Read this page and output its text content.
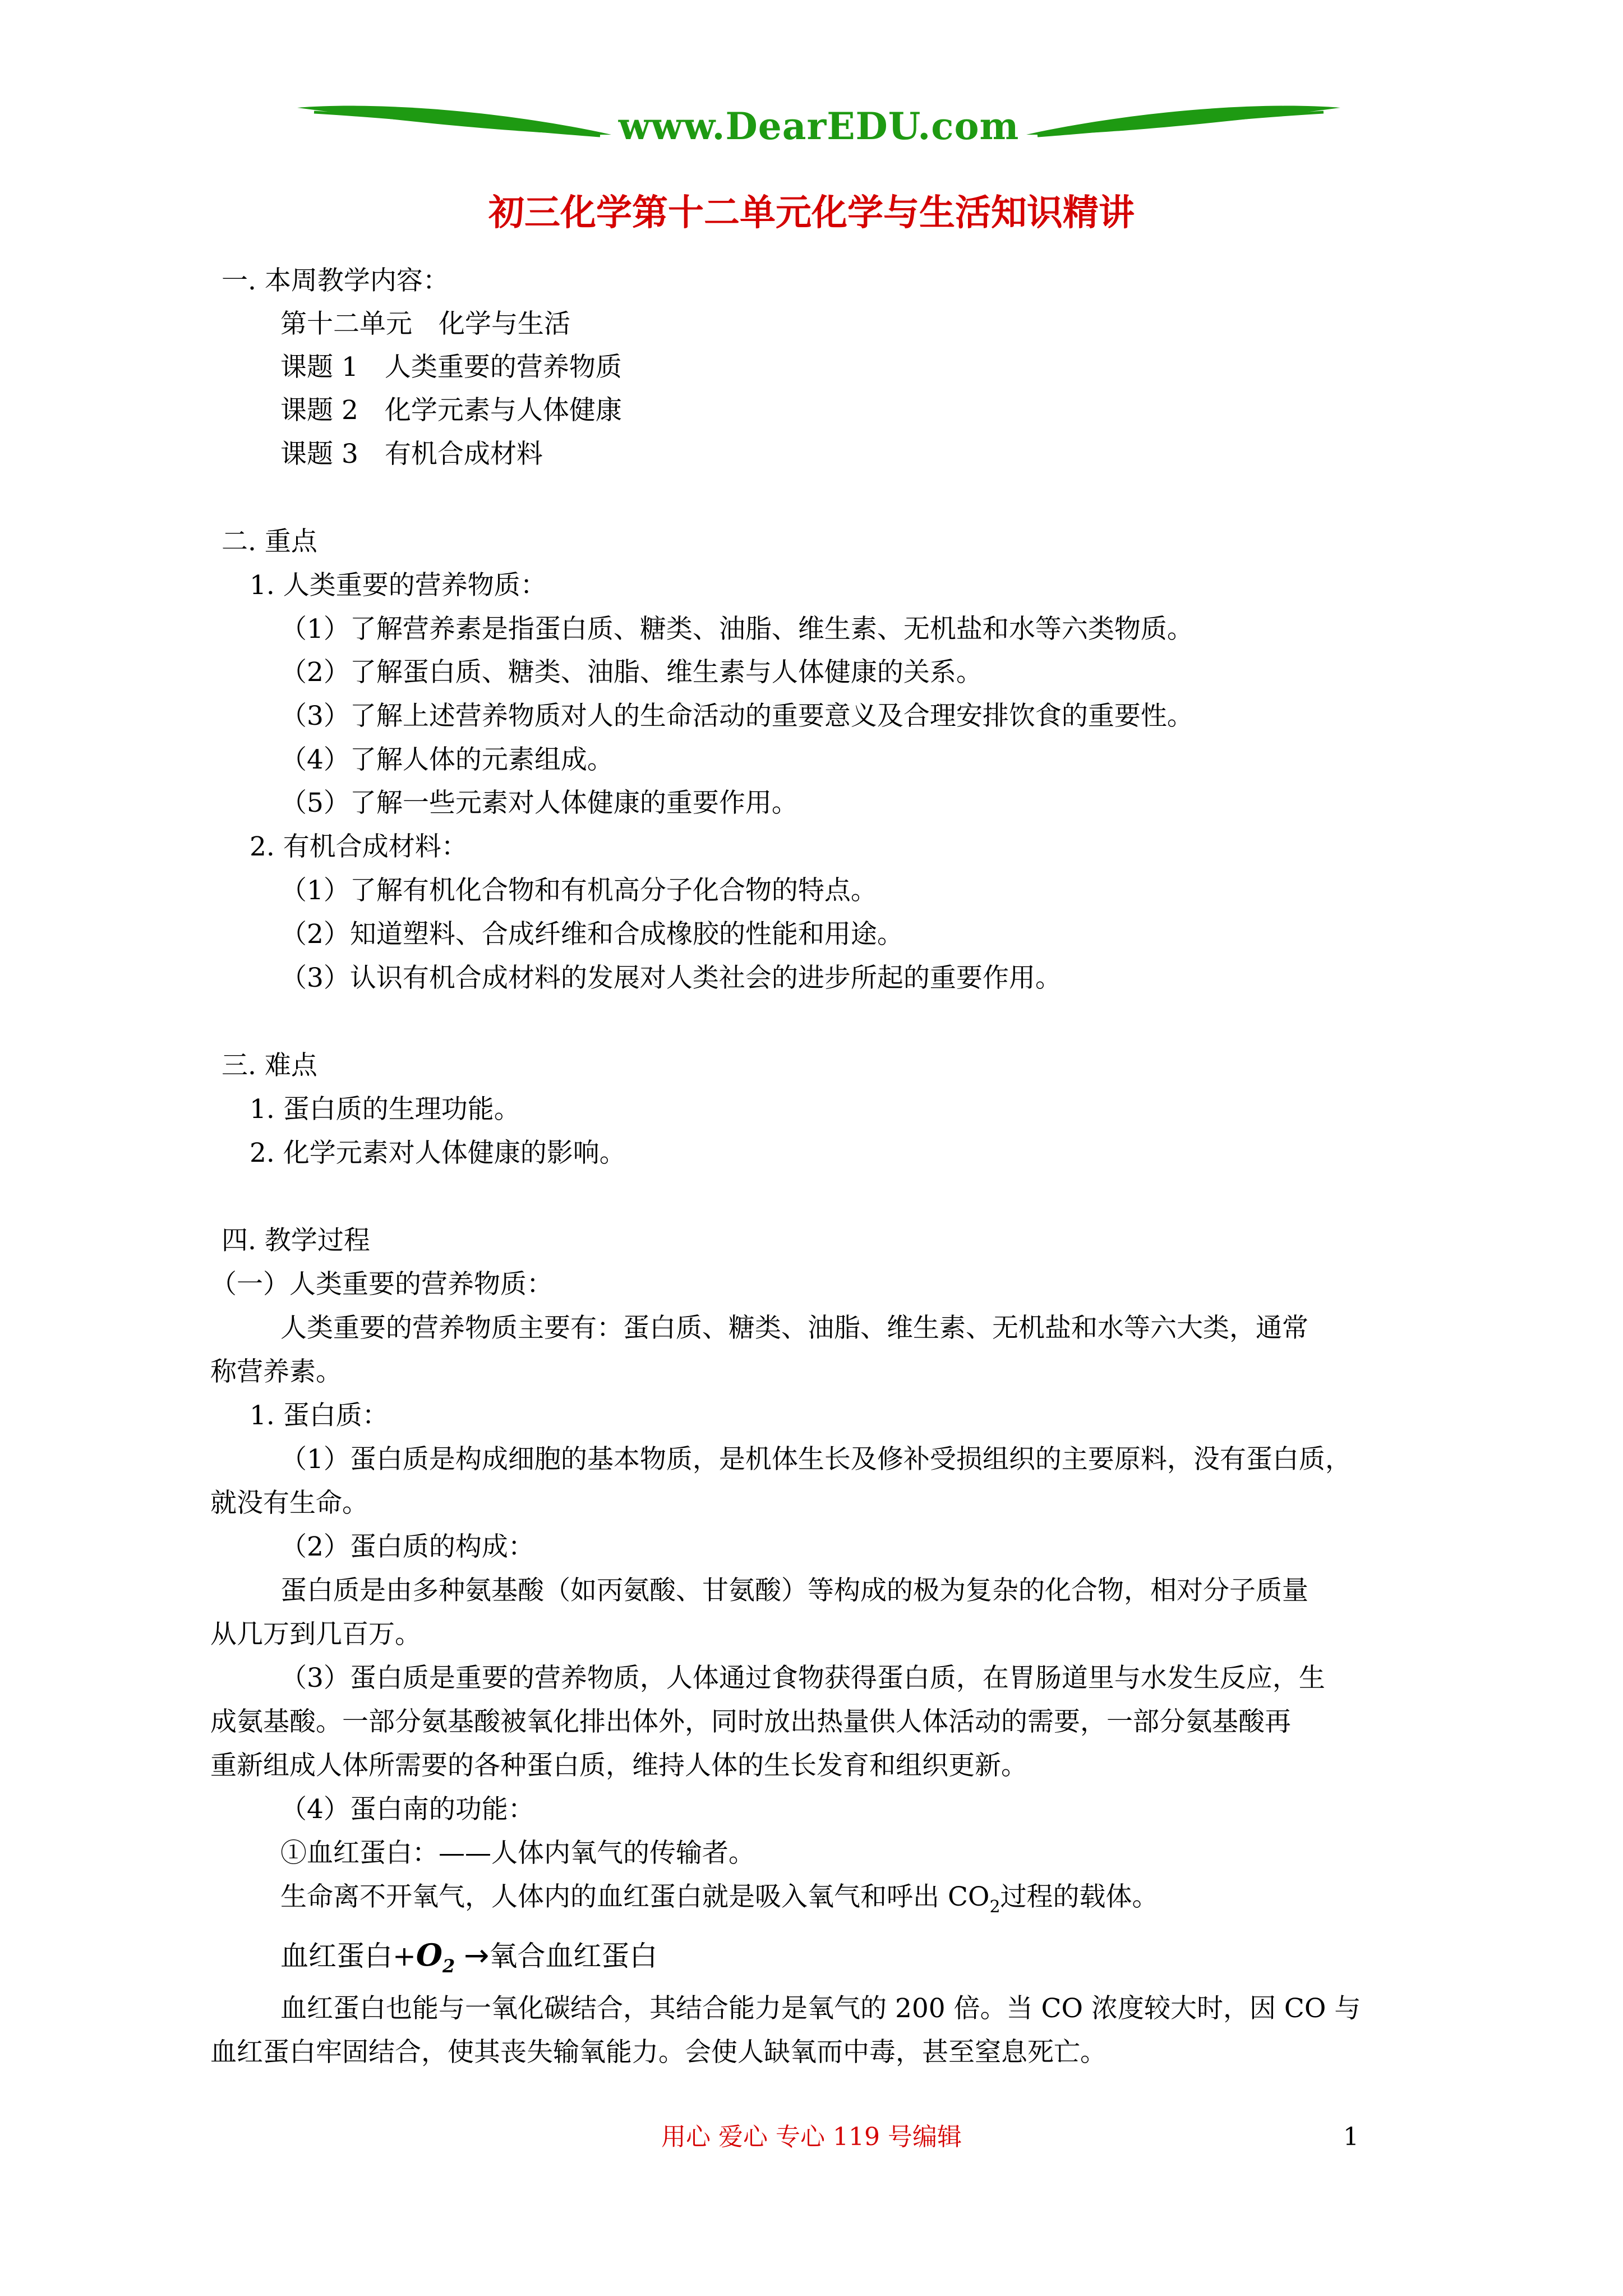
www.DearEDU.com
初三化学第十二单元化学与生活知识精讲
一. 本周教学内容：
第十二单元　化学与生活
课题 1　人类重要的营养物质
课题 2　化学元素与人体健康
课题 3　有机合成材料
二. 重点
1. 人类重要的营养物质：
（1）了解营养素是指蛋白质、糖类、油脂、维生素、无机盐和水等六类物质。
（2）了解蛋白质、糖类、油脂、维生素与人体健康的关系。
（3）了解上述营养物质对人的生命活动的重要意义及合理安排饮食的重要性。
（4）了解人体的元素组成。
（5）了解一些元素对人体健康的重要作用。
2. 有机合成材料：
（1）了解有机化合物和有机高分子化合物的特点。
（2）知道塑料、合成纤维和合成橡胶的性能和用途。
（3）认识有机合成材料的发展对人类社会的进步所起的重要作用。
三. 难点
1. 蛋白质的生理功能。
2. 化学元素对人体健康的影响。
四. 教学过程
（一）人类重要的营养物质：
人类重要的营养物质主要有：蛋白质、糖类、油脂、维生素、无机盐和水等六大类，通常
称营养素。
1. 蛋白质：
（1）蛋白质是构成细胞的基本物质，是机体生长及修补受损组织的主要原料，没有蛋白质，
就没有生命。
（2）蛋白质的构成：
蛋白质是由多种氨基酸（如丙氨酸、甘氨酸）等构成的极为复杂的化合物，相对分子质量
从几万到几百万。
（3）蛋白质是重要的营养物质，人体通过食物获得蛋白质，在胃肠道里与水发生反应，生
成氨基酸。一部分氨基酸被氧化排出体外，同时放出热量供人体活动的需要，一部分氨基酸再
重新组成人体所需要的各种蛋白质，维持人体的生长发育和组织更新。
（4）蛋白南的功能：
①血红蛋白：——人体内氧气的传输者。
生命离不开氧气，人体内的血红蛋白就是吸入氧气和呼出 $CO_2$过程的载体。
血红蛋白$+O_2$ →氧合血红蛋白
血红蛋白也能与一氧化碳结合，其结合能力是氧气的 200 倍。当 CO 浓度较大时，因 CO 与
血红蛋白牢固结合，使其丧失输氧能力。会使人缺氧而中毒，甚至窒息死亡。
用心 爱心 专心 119 号编辑	1
